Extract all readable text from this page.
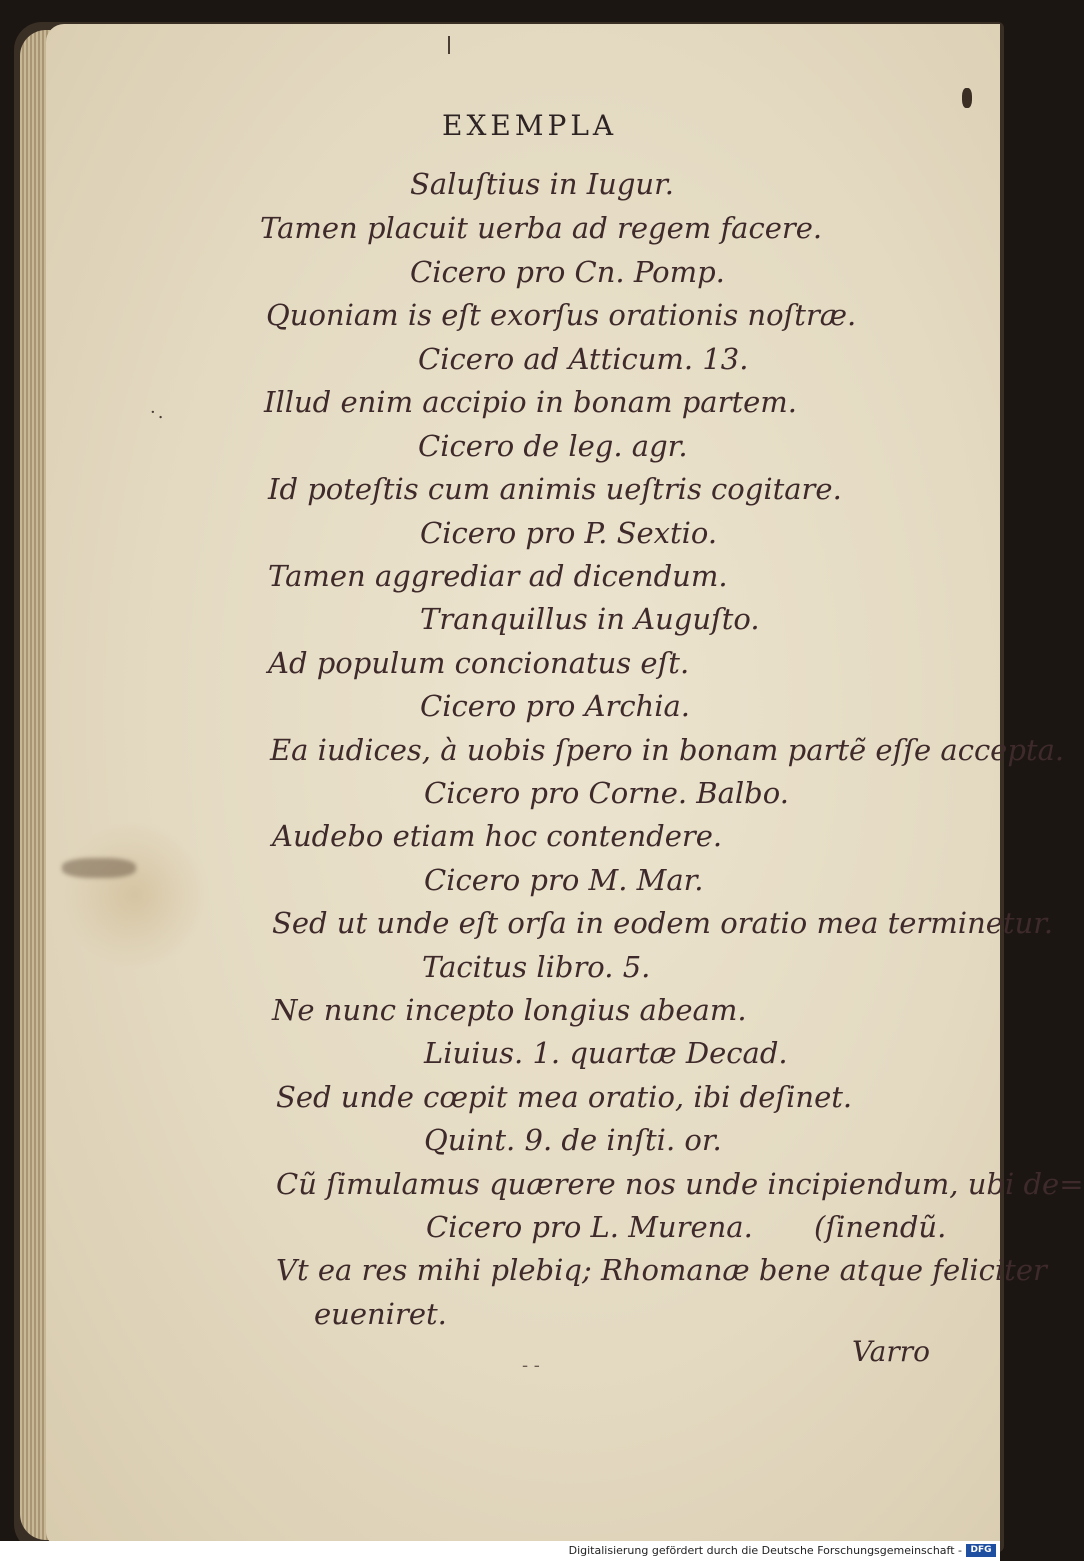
·.

EXEMPLA

Saluſtius in Iugur.

Tamen placuit uerba ad regem facere.

Cicero pro Cn. Pomp.

Quoniam is eſt exorſus orationis noſtræ.

Cicero ad Atticum. 13.

Illud enim accipio in bonam partem.

Cicero de leg. agr.

Id poteſtis cum animis ueſtris cogitare.

Cicero pro P. Sextio.

Tamen aggrediar ad dicendum.

Tranquillus in Auguſto.

Ad populum concionatus eſt.

Cicero pro Archia.

Ea iudices, à uobis ſpero in bonam partẽ eſſe accepta.

Cicero pro Corne. Balbo.

Audebo etiam hoc contendere.

Cicero pro M. Mar.

Sed ut unde eſt orſa in eodem oratio mea terminetur.

Tacitus libro. 5.

Ne nunc incepto longius abeam.

Liuius. 1. quartæ Decad.

Sed unde cœpit mea oratio, ibi deſinet.

Quint. 9. de inſti. or.

Cũ ſimulamus quærere nos unde incipiendum, ubi de=

Cicero pro L. Murena. (ſinendũ.

Vt ea res mihi plebiq; Rhomanæ bene atque feliciter

eueniret.

- -	Varro

Digitalisierung gefördert durch die Deutsche Forschungsgemeinschaft - DFG
